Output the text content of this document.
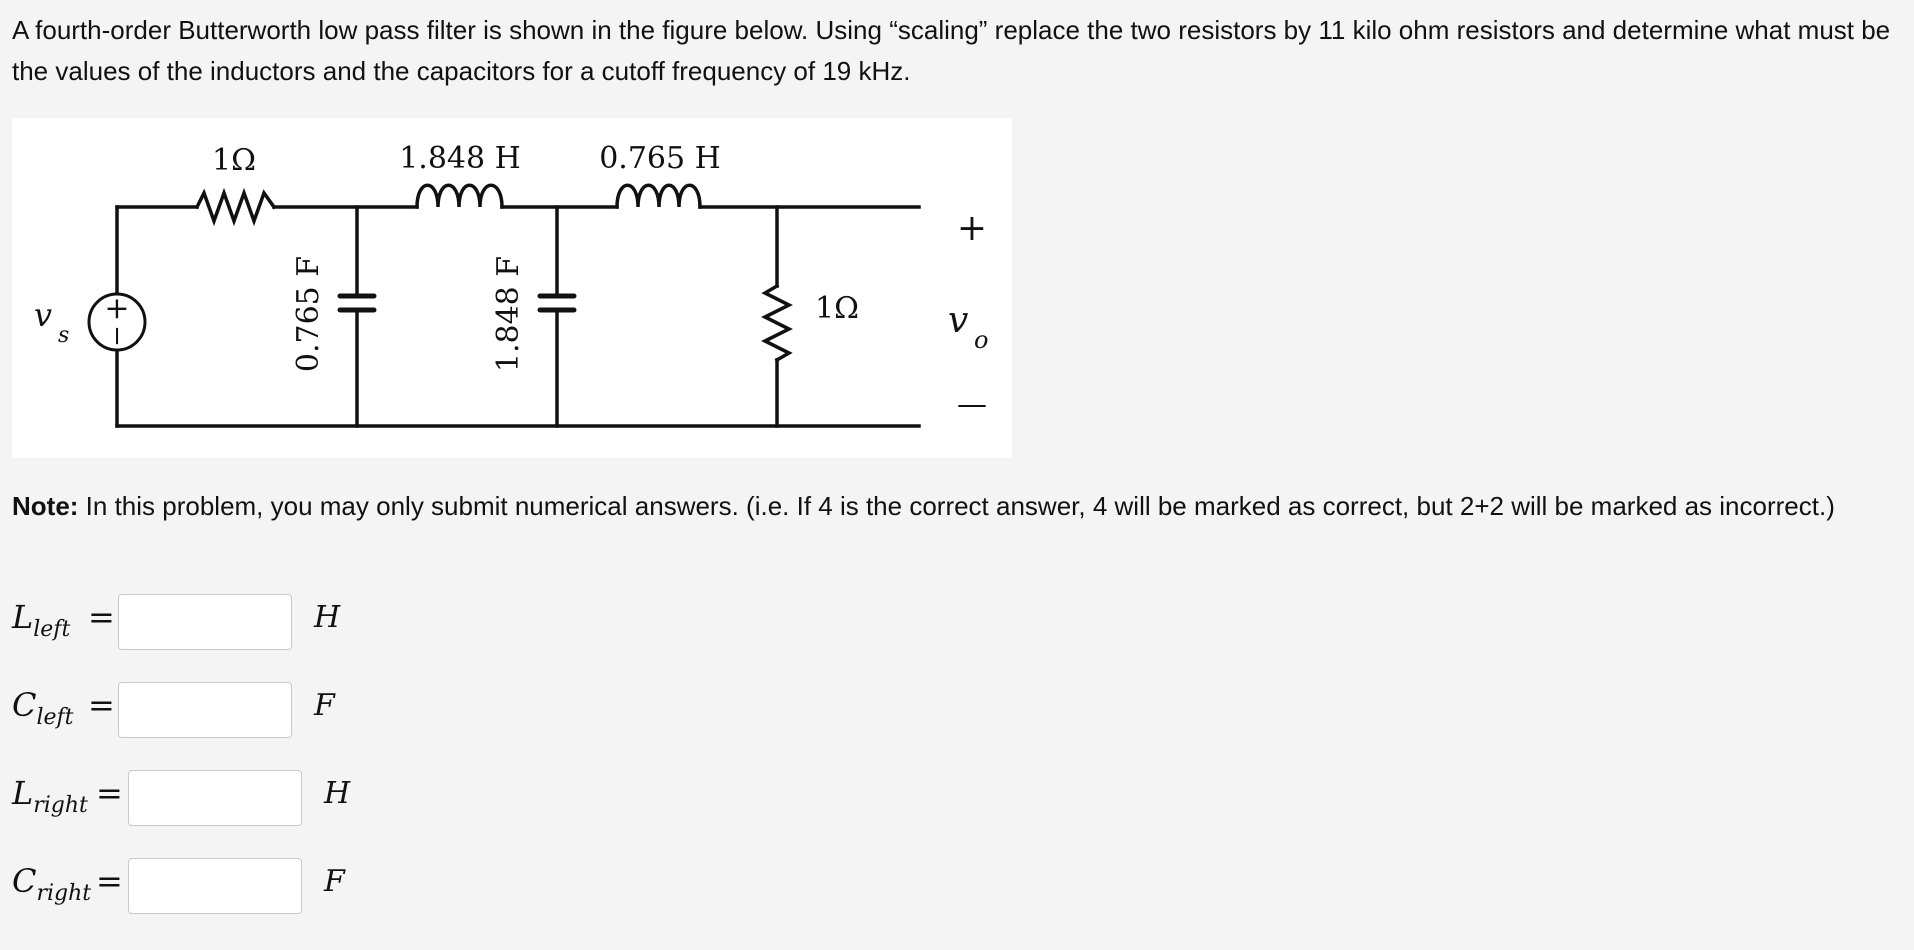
A fourth-order Butterworth low pass filter is shown in the figure below. Using “scaling” replace the two resistors by 11 kilo ohm resistors and determine what must be the values of the inductors and the capacitors for a cutoff frequency of 19 kHz.

+
−
1Ω	1.848 H	0.765 H
0.765 F	1.848 F	1Ω
v
s
+
v o
—

Note: In this problem, you may only submit numerical answers. (i.e. If 4 is the correct answer, 4 will be marked as correct, but 2+2 will be marked as incorrect.)

$L_{left}$ =	H
$C_{left}$ =	F
$L_{right}$ =	H
$C_{right}$ =	F
